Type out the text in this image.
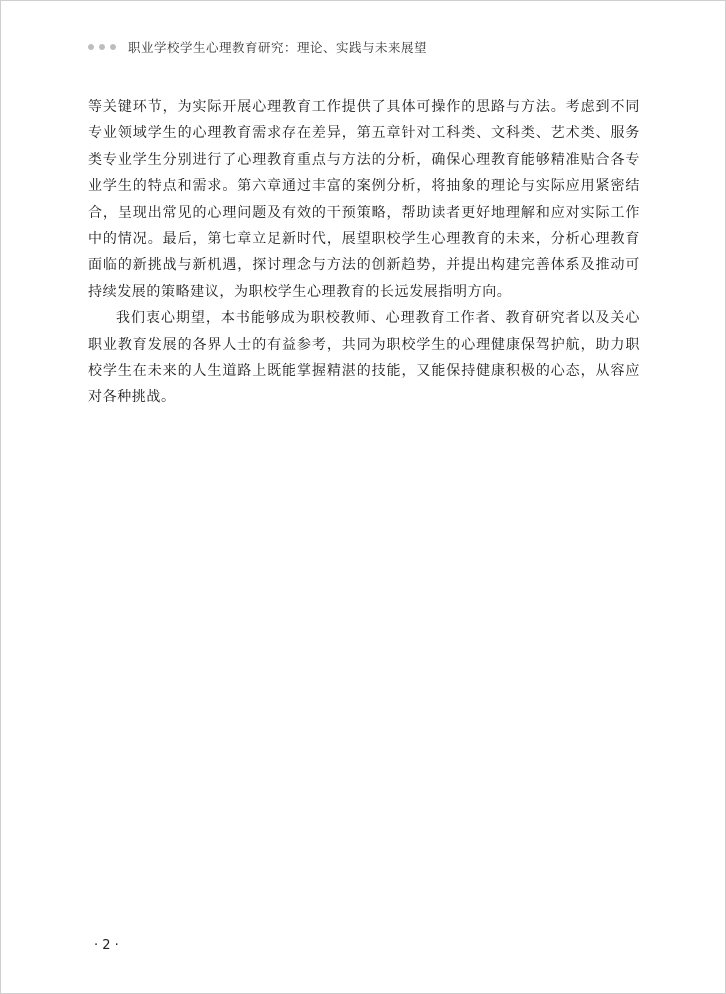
职业学校学生心理教育研究：理论、实践与未来展望

等关键环节，为实际开展心理教育工作提供了具体可操作的思路与方法。考虑到不同专业领域学生的心理教育需求存在差异，第五章针对工科类、文科类、艺术类、服务类专业学生分别进行了心理教育重点与方法的分析，确保心理教育能够精准贴合各专业学生的特点和需求。第六章通过丰富的案例分析，将抽象的理论与实际应用紧密结合，呈现出常见的心理问题及有效的干预策略，帮助读者更好地理解和应对实际工作中的情况。最后，第七章立足新时代，展望职校学生心理教育的未来，分析心理教育面临的新挑战与新机遇，探讨理念与方法的创新趋势，并提出构建完善体系及推动可持续发展的策略建议，为职校学生心理教育的长远发展指明方向。

我们衷心期望，本书能够成为职校教师、心理教育工作者、教育研究者以及关心职业教育发展的各界人士的有益参考，共同为职校学生的心理健康保驾护航，助力职校学生在未来的人生道路上既能掌握精湛的技能，又能保持健康积极的心态，从容应对各种挑战。

· 2 ·
